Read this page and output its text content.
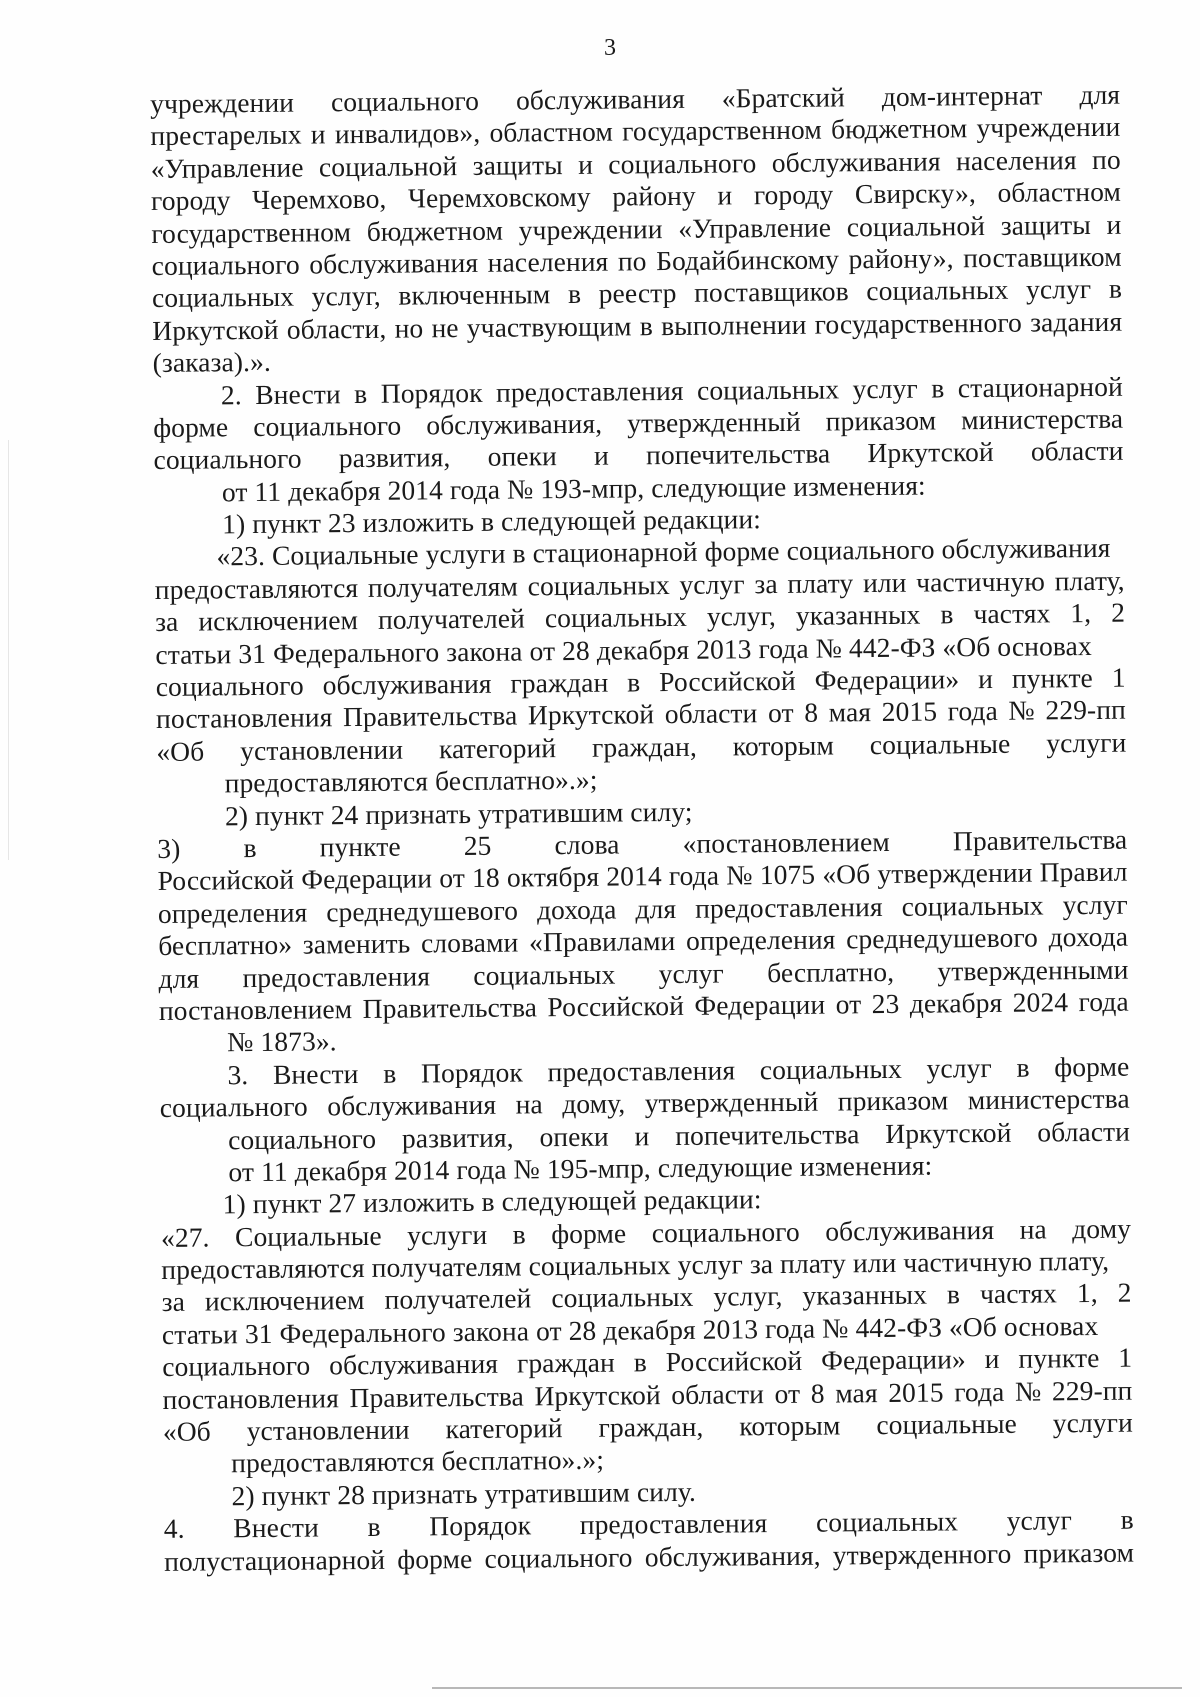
3
учреждении социального обслуживания «Братский дом-интернат для
престарелых и инвалидов», областном государственном бюджетном учреждении
«Управление социальной защиты и социального обслуживания населения по
городу Черемхово, Черемховскому району и городу Свирску», областном
государственном бюджетном учреждении «Управление социальной защиты и
социального обслуживания населения по Бодайбинскому району», поставщиком
социальных услуг, включенным в реестр поставщиков социальных услуг в
Иркутской области, но не участвующим в выполнении государственного задания
(заказа).».
2. Внести в Порядок предоставления социальных услуг в стационарной
форме социального обслуживания, утвержденный приказом министерства
социального развития, опеки и попечительства Иркутской области
от 11 декабря 2014 года № 193-мпр, следующие изменения:
1) пункт 23 изложить в следующей редакции:
«23. Социальные услуги в стационарной форме социального обслуживания
предоставляются получателям социальных услуг за плату или частичную плату,
за исключением получателей социальных услуг, указанных в частях 1, 2
статьи 31 Федерального закона от 28 декабря 2013 года № 442-ФЗ «Об основах
социального обслуживания граждан в Российской Федерации» и пункте 1
постановления Правительства Иркутской области от 8 мая 2015 года № 229-пп
«Об установлении категорий граждан, которым социальные услуги
предоставляются бесплатно».»;
2) пункт 24 признать утратившим силу;
3) в пункте 25 слова «постановлением Правительства
Российской Федерации от 18 октября 2014 года № 1075 «Об утверждении Правил
определения среднедушевого дохода для предоставления социальных услуг
бесплатно» заменить словами «Правилами определения среднедушевого дохода
для предоставления социальных услуг бесплатно, утвержденными
постановлением Правительства Российской Федерации от 23 декабря 2024 года
№ 1873».
3. Внести в Порядок предоставления социальных услуг в форме
социального обслуживания на дому, утвержденный приказом министерства
социального развития, опеки и попечительства Иркутской области
от 11 декабря 2014 года № 195-мпр, следующие изменения:
1) пункт 27 изложить в следующей редакции:
«27. Социальные услуги в форме социального обслуживания на дому
предоставляются получателям социальных услуг за плату или частичную плату,
за исключением получателей социальных услуг, указанных в частях 1, 2
статьи 31 Федерального закона от 28 декабря 2013 года № 442-ФЗ «Об основах
социального обслуживания граждан в Российской Федерации» и пункте 1
постановления Правительства Иркутской области от 8 мая 2015 года № 229-пп
«Об установлении категорий граждан, которым социальные услуги
предоставляются бесплатно».»;
2) пункт 28 признать утратившим силу.
4. Внести в Порядок предоставления социальных услуг в
полустационарной форме социального обслуживания, утвержденного приказом
